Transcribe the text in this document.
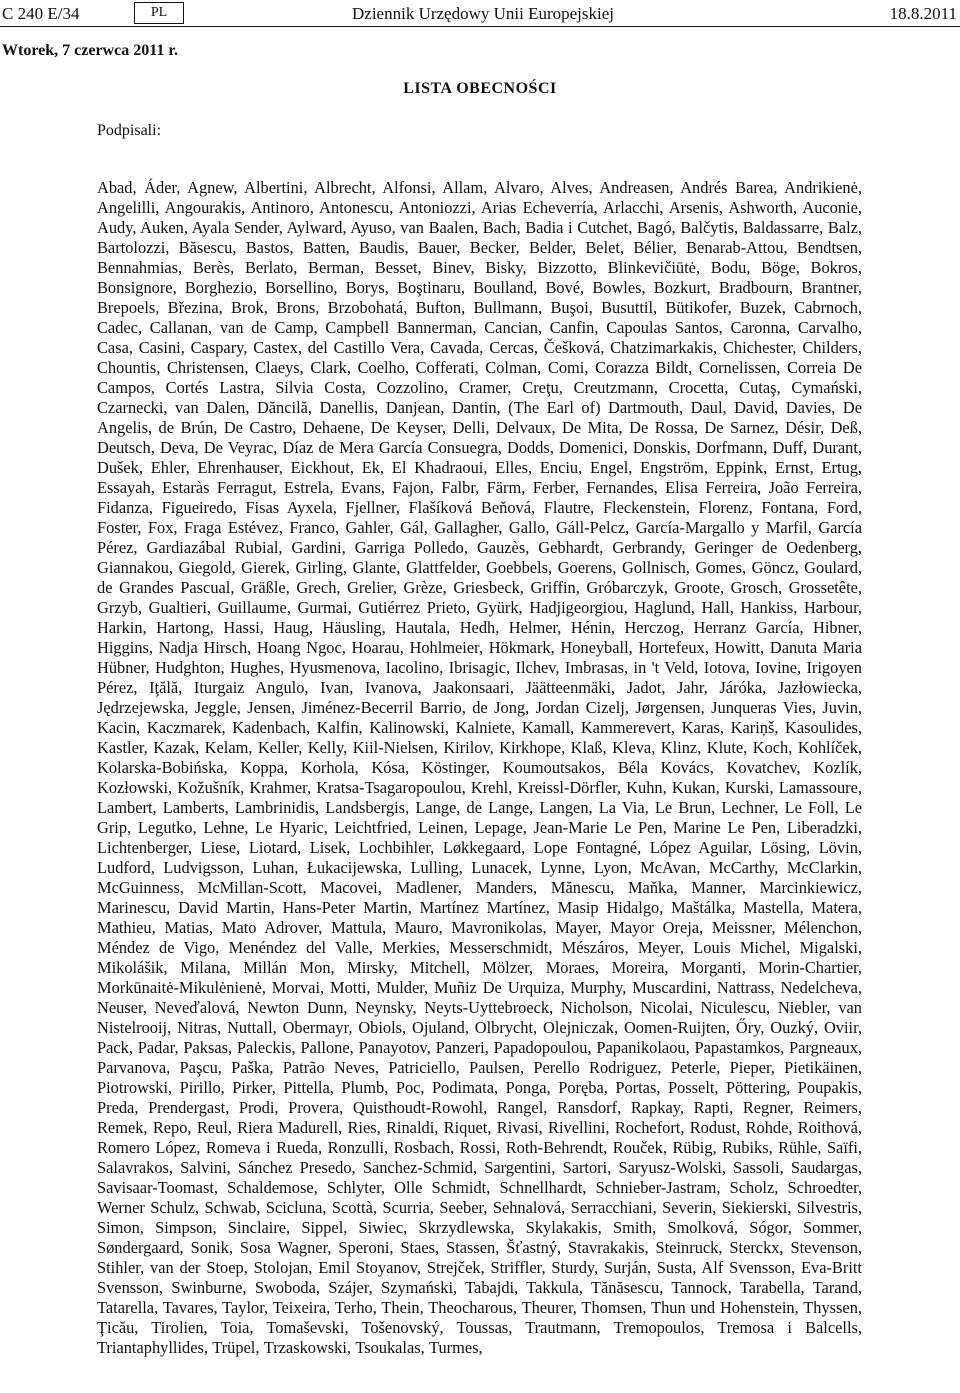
C 240 E/34	PL	Dziennik Urzędowy Unii Europejskiej	18.8.2011
Wtorek, 7 czerwca 2011 r.
LISTA OBECNOŚCI
Podpisali:
Abad, Áder, Agnew, Albertini, Albrecht, Alfonsi, Allam, Alvaro, Alves, Andreasen, Andrés Barea, Andrikienė, Angelilli, Angourakis, Antinoro, Antonescu, Antoniozzi, Arias Echeverría, Arlacchi, Arsenis, Ashworth, Auconie, Audy, Auken, Ayala Sender, Aylward, Ayuso, van Baalen, Bach, Badia i Cutchet, Bagó, Balčytis, Baldassarre, Balz, Bartolozzi, Băsescu, Bastos, Batten, Baudis, Bauer, Becker, Belder, Belet, Bélier, Benarab-Attou, Bendtsen, Bennahmias, Berès, Berlato, Berman, Besset, Binev, Bisky, Bizzotto, Blinkevičiūtė, Bodu, Böge, Bokros, Bonsignore, Borghezio, Borsellino, Borys, Boştinaru, Boulland, Bové, Bowles, Bozkurt, Bradbourn, Brantner, Brepoels, Březina, Brok, Brons, Brzobohatá, Bufton, Bullmann, Buşoi, Busuttil, Bütikofer, Buzek, Cabrnoch, Cadec, Callanan, van de Camp, Campbell Bannerman, Cancian, Canfin, Capoulas Santos, Caronna, Carvalho, Casa, Casini, Caspary, Castex, del Castillo Vera, Cavada, Cercas, Češková, Chatzimarkakis, Chichester, Childers, Chountis, Christensen, Claeys, Clark, Coelho, Cofferati, Colman, Comi, Corazza Bildt, Cornelissen, Correia De Campos, Cortés Lastra, Silvia Costa, Cozzolino, Cramer, Creţu, Creutzmann, Crocetta, Cutaş, Cymański, Czarnecki, van Dalen, Dăncilă, Danellis, Danjean, Dantin, (The Earl of) Dartmouth, Daul, David, Davies, De Angelis, de Brún, De Castro, Dehaene, De Keyser, Delli, Delvaux, De Mita, De Rossa, De Sarnez, Désir, Deß, Deutsch, Deva, De Veyrac, Díaz de Mera García Consuegra, Dodds, Domenici, Donskis, Dorfmann, Duff, Durant, Dušek, Ehler, Ehrenhauser, Eickhout, Ek, El Khadraoui, Elles, Enciu, Engel, Engström, Eppink, Ernst, Ertug, Essayah, Estaràs Ferragut, Estrela, Evans, Fajon, Falbr, Färm, Ferber, Fernandes, Elisa Ferreira, João Ferreira, Fidanza, Figueiredo, Fisas Ayxela, Fjellner, Flašíková Beňová, Flautre, Fleckenstein, Florenz, Fontana, Ford, Foster, Fox, Fraga Estévez, Franco, Gahler, Gál, Gallagher, Gallo, Gáll-Pelcz, García-Margallo y Marfil, García Pérez, Gardiazábal Rubial, Gardini, Garriga Polledo, Gauzès, Gebhardt, Gerbrandy, Geringer de Oedenberg, Giannakou, Giegold, Gierek, Girling, Glante, Glattfelder, Goebbels, Goerens, Gollnisch, Gomes, Göncz, Goulard, de Grandes Pascual, Gräßle, Grech, Grelier, Grèze, Griesbeck, Griffin, Gróbarczyk, Groote, Grosch, Grossetête, Grzyb, Gualtieri, Guillaume, Gurmai, Gutiérrez Prieto, Gyürk, Hadjigeorgiou, Haglund, Hall, Hankiss, Harbour, Harkin, Hartong, Hassi, Haug, Häusling, Hautala, Hedh, Helmer, Hénin, Herczog, Herranz García, Hibner, Higgins, Nadja Hirsch, Hoang Ngoc, Hoarau, Hohlmeier, Hökmark, Honeyball, Hortefeux, Howitt, Danuta Maria Hübner, Hudghton, Hughes, Hyusmenova, Iacolino, Ibrisagic, Ilchev, Imbrasas, in 't Veld, Iotova, Iovine, Irigoyen Pérez, Iţălă, Iturgaiz Angulo, Ivan, Ivanova, Jaakonsaari, Jäätteenmäki, Jadot, Jahr, Járóka, Jazłowiecka, Jędrzejewska, Jeggle, Jensen, Jiménez-Becerril Barrio, de Jong, Jordan Cizelj, Jørgensen, Junqueras Vies, Juvin, Kacin, Kaczmarek, Kadenbach, Kalfin, Kalinowski, Kalniete, Kamall, Kammerevert, Karas, Kariņš, Kasoulides, Kastler, Kazak, Kelam, Keller, Kelly, Kiil-Nielsen, Kirilov, Kirkhope, Klaß, Kleva, Klinz, Klute, Koch, Kohlíček, Kolarska-Bobińska, Koppa, Korhola, Kósa, Köstinger, Koumoutsakos, Béla Kovács, Kovatchev, Kozlík, Kozłowski, Kožušník, Krahmer, Kratsa-Tsagaropoulou, Krehl, Kreissl-Dörfler, Kuhn, Kukan, Kurski, Lamassoure, Lambert, Lamberts, Lambrinidis, Landsbergis, Lange, de Lange, Langen, La Via, Le Brun, Lechner, Le Foll, Le Grip, Legutko, Lehne, Le Hyaric, Leichtfried, Leinen, Lepage, Jean-Marie Le Pen, Marine Le Pen, Liberadzki, Lichtenberger, Liese, Liotard, Lisek, Lochbihler, Løkkegaard, Lope Fontagné, López Aguilar, Lösing, Lövin, Ludford, Ludvigsson, Luhan, Łukacijewska, Lulling, Lunacek, Lynne, Lyon, McAvan, McCarthy, McClarkin, McGuinness, McMillan-Scott, Macovei, Madlener, Manders, Mănescu, Maňka, Manner, Marcinkiewicz, Marinescu, David Martin, Hans-Peter Martin, Martínez Martínez, Masip Hidalgo, Maštálka, Mastella, Matera, Mathieu, Matias, Mato Adrover, Mattula, Mauro, Mavronikolas, Mayer, Mayor Oreja, Meissner, Mélenchon, Méndez de Vigo, Menéndez del Valle, Merkies, Messerschmidt, Mészáros, Meyer, Louis Michel, Migalski, Mikolášik, Milana, Millán Mon, Mirsky, Mitchell, Mölzer, Moraes, Moreira, Morganti, Morin-Chartier, Morkūnaitė-Mikulėnienė, Morvai, Motti, Mulder, Muñiz De Urquiza, Murphy, Muscardini, Nattrass, Nedelcheva, Neuser, Neveďalová, Newton Dunn, Neynsky, Neyts-Uyttebroeck, Nicholson, Nicolai, Niculescu, Niebler, van Nistelrooij, Nitras, Nuttall, Obermayr, Obiols, Ojuland, Olbrycht, Olejniczak, Oomen-Ruijten, Őry, Ouzký, Oviir, Pack, Padar, Paksas, Paleckis, Pallone, Panayotov, Panzeri, Papadopoulou, Papanikolaou, Papastamkos, Pargneaux, Parvanova, Paşcu, Paška, Patrão Neves, Patriciello, Paulsen, Perello Rodriguez, Peterle, Pieper, Pietikäinen, Piotrowski, Pirillo, Pirker, Pittella, Plumb, Poc, Podimata, Ponga, Poręba, Portas, Posselt, Pöttering, Poupakis, Preda, Prendergast, Prodi, Provera, Quisthoudt-Rowohl, Rangel, Ransdorf, Rapkay, Rapti, Regner, Reimers, Remek, Repo, Reul, Riera Madurell, Ries, Rinaldi, Riquet, Rivasi, Rivellini, Rochefort, Rodust, Rohde, Roithová, Romero López, Romeva i Rueda, Ronzulli, Rosbach, Rossi, Roth-Behrendt, Rouček, Rübig, Rubiks, Rühle, Saïfi, Salavrakos, Salvini, Sánchez Presedo, Sanchez-Schmid, Sargentini, Sartori, Saryusz-Wolski, Sassoli, Saudargas, Savisaar-Toomast, Schaldemose, Schlyter, Olle Schmidt, Schnellhardt, Schnieber-Jastram, Scholz, Schroedter, Werner Schulz, Schwab, Scicluna, Scottà, Scurria, Seeber, Sehnalová, Serracchiani, Severin, Siekierski, Silvestris, Simon, Simpson, Sinclaire, Sippel, Siwiec, Skrzydlewska, Skylakakis, Smith, Smolková, Sógor, Sommer, Søndergaard, Sonik, Sosa Wagner, Speroni, Staes, Stassen, Šťastný, Stavrakakis, Steinruck, Sterckx, Stevenson, Stihler, van der Stoep, Stolojan, Emil Stoyanov, Strejček, Striffler, Sturdy, Surján, Susta, Alf Svensson, Eva-Britt Svensson, Swinburne, Swoboda, Szájer, Szymański, Tabajdi, Takkula, Tănăsescu, Tannock, Tarabella, Tarand, Tatarella, Tavares, Taylor, Teixeira, Terho, Thein, Theocharous, Theurer, Thomsen, Thun und Hohenstein, Thyssen, Ţicău, Tirolien, Toia, Tomaševski, Tošenovský, Toussas, Trautmann, Tremopoulos, Tremosa i Balcells, Triantaphyllides, Trüpel, Trzaskowski, Tsoukalas, Turmes,
